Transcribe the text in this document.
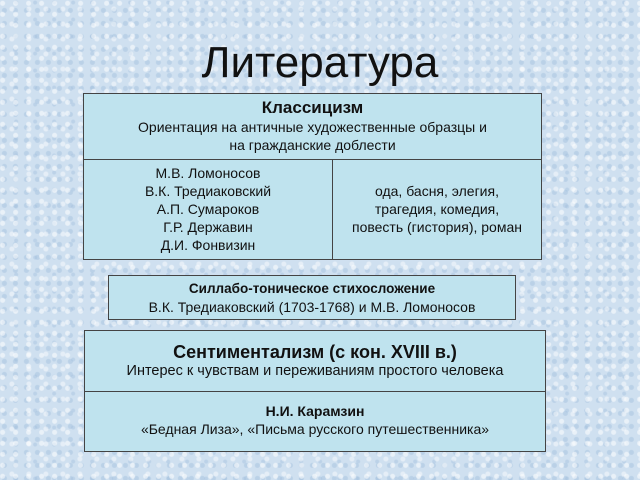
Литература
Классицизм
Ориентация на античные художественные образцы и
на гражданские доблести
М.В. Ломоносов
В.К. Тредиаковский
А.П. Сумароков
Г.Р. Державин
Д.И. Фонвизин
ода, басня, элегия,
трагедия, комедия,
повесть (гистория), роман
Силлабо-тоническое стихосложение
В.К. Тредиаковский (1703-1768) и М.В. Ломоносов
Сентиментализм (с кон. XVIII в.)
Интерес к чувствам и переживаниям простого человека
Н.И. Карамзин
«Бедная Лиза», «Письма русского путешественника»
